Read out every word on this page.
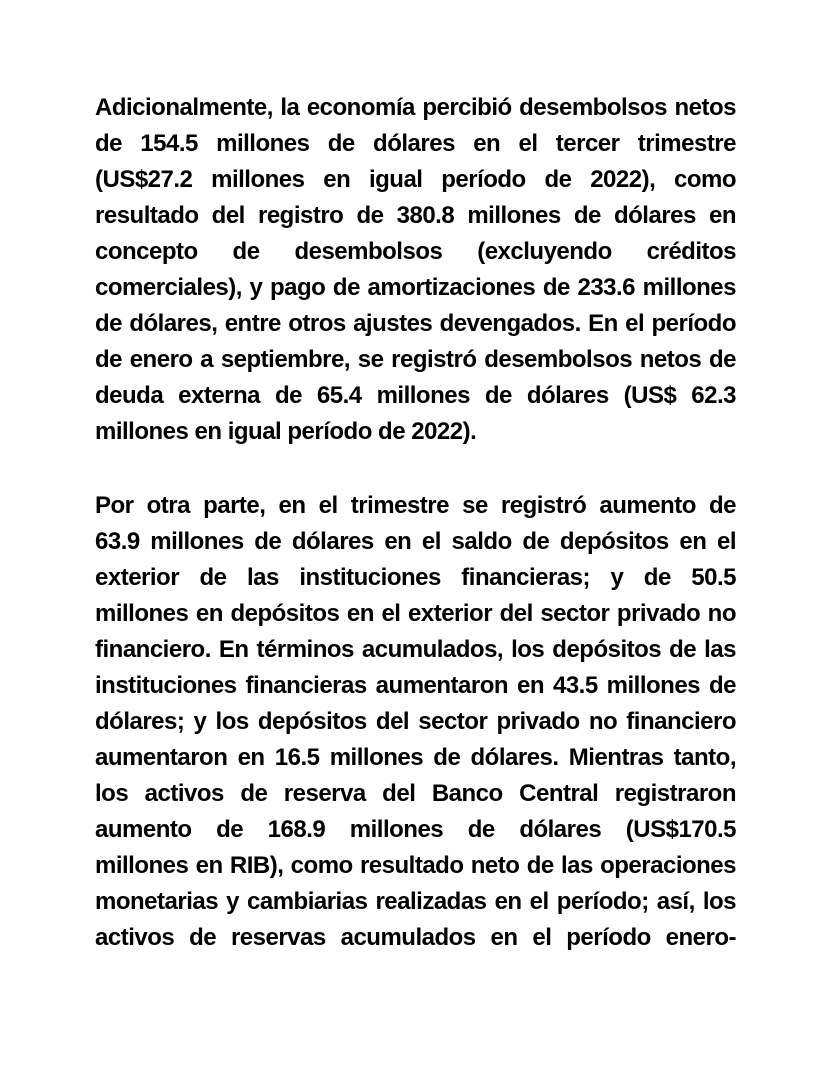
Adicionalmente, la economía percibió desembolsos netos
de 154.5 millones de dólares en el tercer trimestre
(US$27.2 millones en igual período de 2022), como
resultado del registro de 380.8 millones de dólares en
concepto de desembolsos (excluyendo créditos
comerciales), y pago de amortizaciones de 233.6 millones
de dólares, entre otros ajustes devengados. En el período
de enero a septiembre, se registró desembolsos netos de
deuda externa de 65.4 millones de dólares (US$ 62.3
millones en igual período de 2022).
Por otra parte, en el trimestre se registró aumento de
63.9 millones de dólares en el saldo de depósitos en el
exterior de las instituciones financieras; y de 50.5
millones en depósitos en el exterior del sector privado no
financiero. En términos acumulados, los depósitos de las
instituciones financieras aumentaron en 43.5 millones de
dólares; y los depósitos del sector privado no financiero
aumentaron en 16.5 millones de dólares. Mientras tanto,
los activos de reserva del Banco Central registraron
aumento de 168.9 millones de dólares (US$170.5
millones en RIB), como resultado neto de las operaciones
monetarias y cambiarias realizadas en el período; así, los
activos de reservas acumulados en el período enero-
